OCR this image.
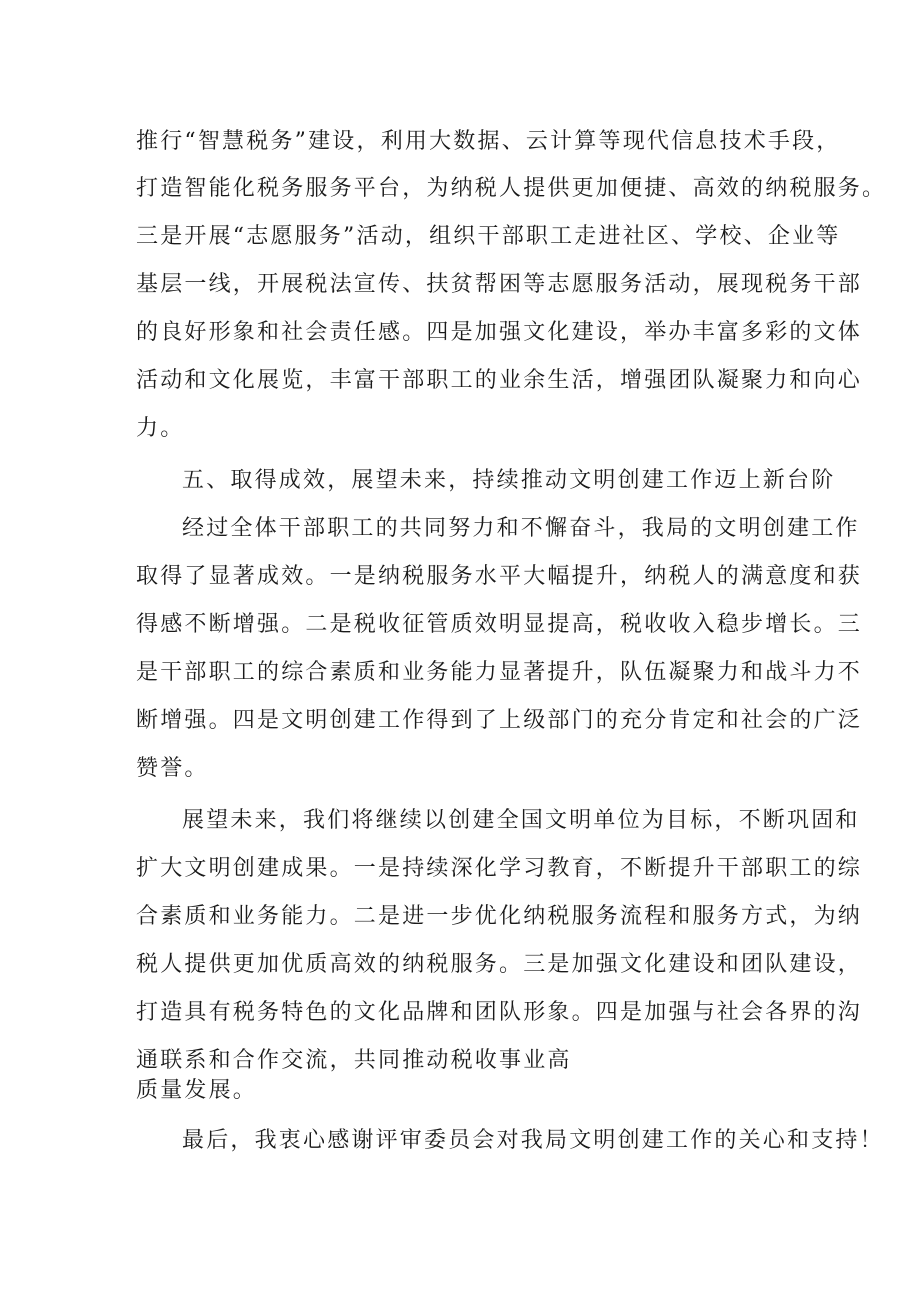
推行“智慧税务”建设，利用大数据、云计算等现代信息技术手段，

打造智能化税务服务平台，为纳税人提供更加便捷、高效的纳税服务。

三是开展“志愿服务”活动，组织干部职工走进社区、学校、企业等

基层一线，开展税法宣传、扶贫帮困等志愿服务活动，展现税务干部

的良好形象和社会责任感。四是加强文化建设，举办丰富多彩的文体

活动和文化展览，丰富干部职工的业余生活，增强团队凝聚力和向心

力。

五、取得成效，展望未来，持续推动文明创建工作迈上新台阶

经过全体干部职工的共同努力和不懈奋斗，我局的文明创建工作

取得了显著成效。一是纳税服务水平大幅提升，纳税人的满意度和获

得感不断增强。二是税收征管质效明显提高，税收收入稳步增长。三

是干部职工的综合素质和业务能力显著提升，队伍凝聚力和战斗力不

断增强。四是文明创建工作得到了上级部门的充分肯定和社会的广泛

赞誉。

展望未来，我们将继续以创建全国文明单位为目标，不断巩固和

扩大文明创建成果。一是持续深化学习教育，不断提升干部职工的综

合素质和业务能力。二是进一步优化纳税服务流程和服务方式，为纳

税人提供更加优质高效的纳税服务。三是加强文化建设和团队建设，

打造具有税务特色的文化品牌和团队形象。四是加强与社会各界的沟

通联系和合作交流，共同推动税收事业高

质量发展。

最后，我衷心感谢评审委员会对我局文明创建工作的关心和支持！
